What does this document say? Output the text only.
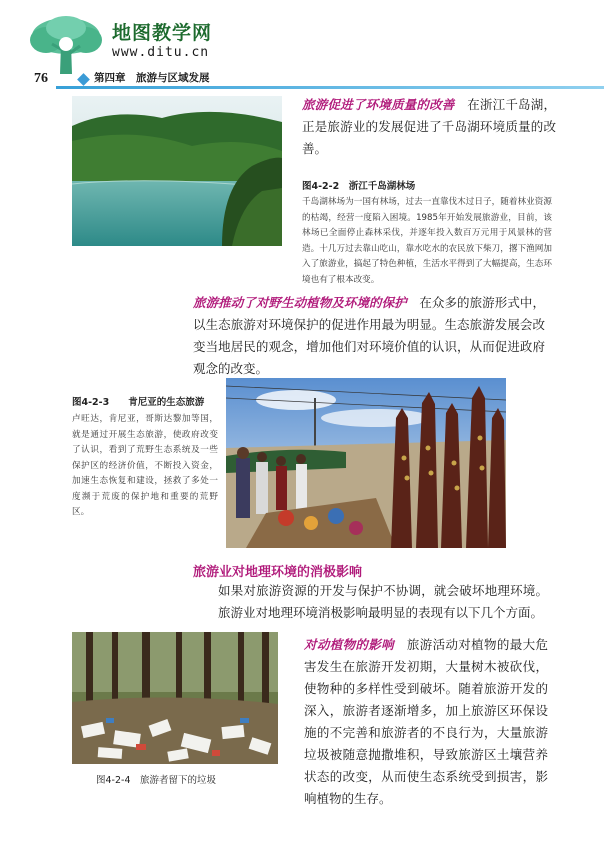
地图教学网
www.ditu.cn
76	第四章　旅游与区域发展
旅游促进了环境质量的改善　 在浙江千岛湖，正是旅游业的发展促进了千岛湖环境质量的改善。
图4-2-2　浙江千岛湖林场
千岛湖林场为一国有林场，过去一直靠伐木过日子，随着林业资源的枯竭，经营一度陷入困境。1985年开始发展旅游业，目前，该林场已全面停止森林采伐，并逐年投入数百万元用于风景林的营造。十几万过去靠山吃山，靠水吃水的农民放下柴刀，撂下渔网加入了旅游业，搞起了特色种植，生活水平得到了大幅提高，生态环境也有了根本改变。
旅游推动了对野生动植物及环境的保护　 在众多的旅游形式中，以生态旅游对环境保护的促进作用最为明显。生态旅游发展会改变当地居民的观念，增加他们对环境价值的认识，从而促进政府观念的改变。
图4-2-3　　肯尼亚的生态旅游
卢旺达，肯尼亚，哥斯达黎加等国，就是通过开展生态旅游，使政府改变了认识，看到了荒野生态系统及一些保护区的经济价值，不断投入资金，加速生态恢复和建设，拯救了多处一度濒于荒废的保护地和重要的荒野区。
旅游业对地理环境的消极影响
如果对旅游资源的开发与保护不协调，就会破坏地理环境。旅游业对地理环境消极影响最明显的表现有以下几个方面。
图4-2-4　旅游者留下的垃圾
对动植物的影响　 旅游活动对植物的最大危害发生在旅游开发初期，大量树木被砍伐，使物种的多样性受到破坏。随着旅游开发的深入，旅游者逐渐增多，加上旅游区环保设施的不完善和旅游者的不良行为，大量旅游垃圾被随意抛撒堆积，导致旅游区土壤营养状态的改变，从而使生态系统受到损害，影响植物的生存。
